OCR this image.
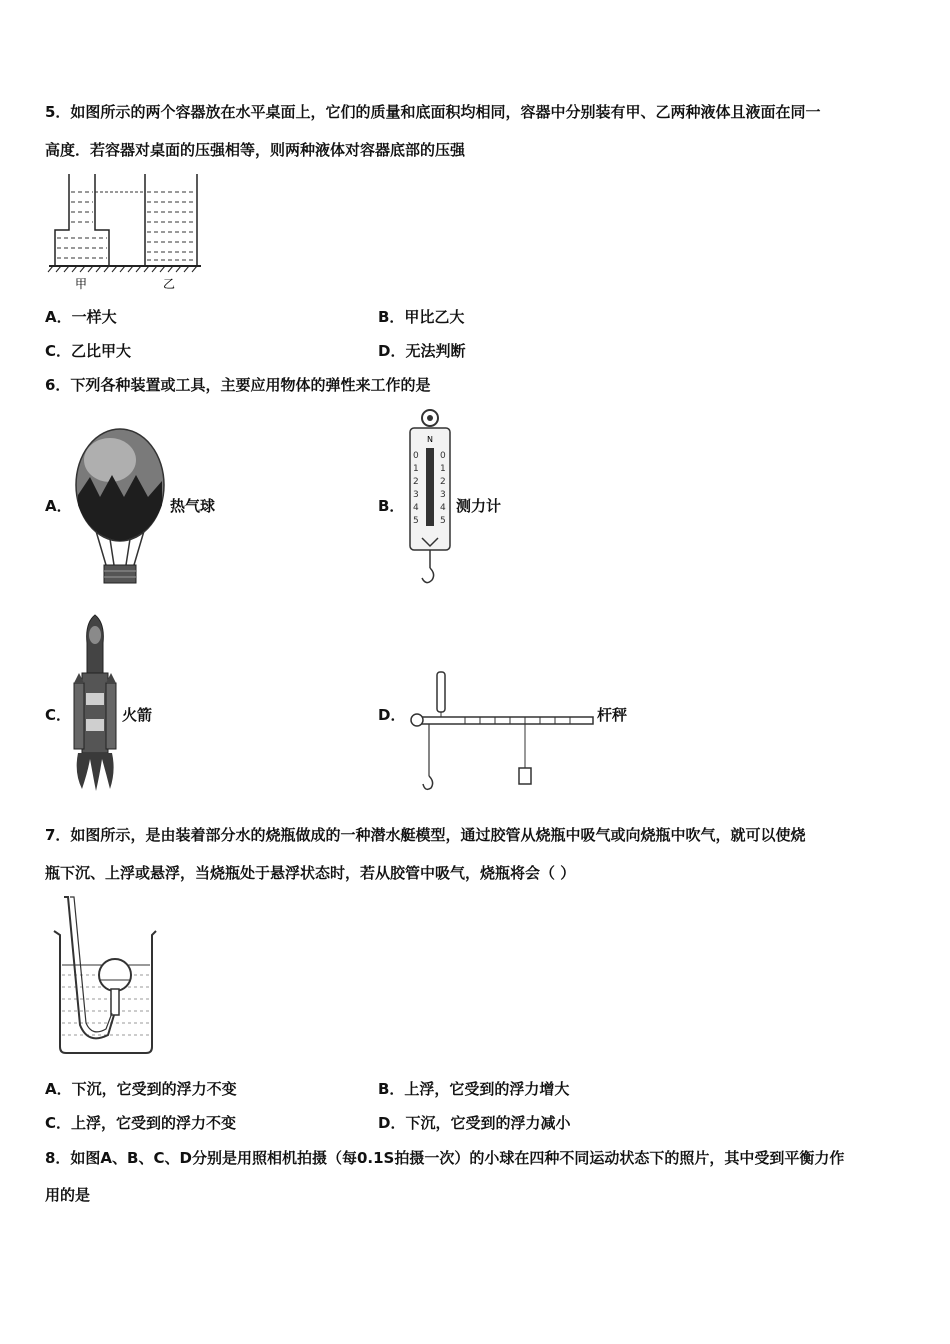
5．如图所示的两个容器放在水平桌面上，它们的质量和底面积均相同，容器中分别装有甲、乙两种液体且液面在同一
高度．若容器对桌面的压强相等，则两种液体对容器底部的压强
甲	乙
A．一样大	B．甲比乙大
C．乙比甲大	D．无法判断
6．下列各种装置或工具，主要应用物体的弹性来工作的是
A．	热气球	B．
N
0
1
2
3
4
5
0
1
2
3
4
5
测力计
C．	火箭	D．	杆秤
7．如图所示，是由装着部分水的烧瓶做成的一种潜水艇模型，通过胶管从烧瓶中吸气或向烧瓶中吹气，就可以使烧
瓶下沉、上浮或悬浮，当烧瓶处于悬浮状态时，若从胶管中吸气，烧瓶将会（ ）
A．下沉，它受到的浮力不变	B．上浮，它受到的浮力增大
C．上浮，它受到的浮力不变	D．下沉，它受到的浮力减小
8．如图A、B、C、D分别是用照相机拍摄（每0.1S拍摄一次）的小球在四种不同运动状态下的照片，其中受到平衡力作
用的是
